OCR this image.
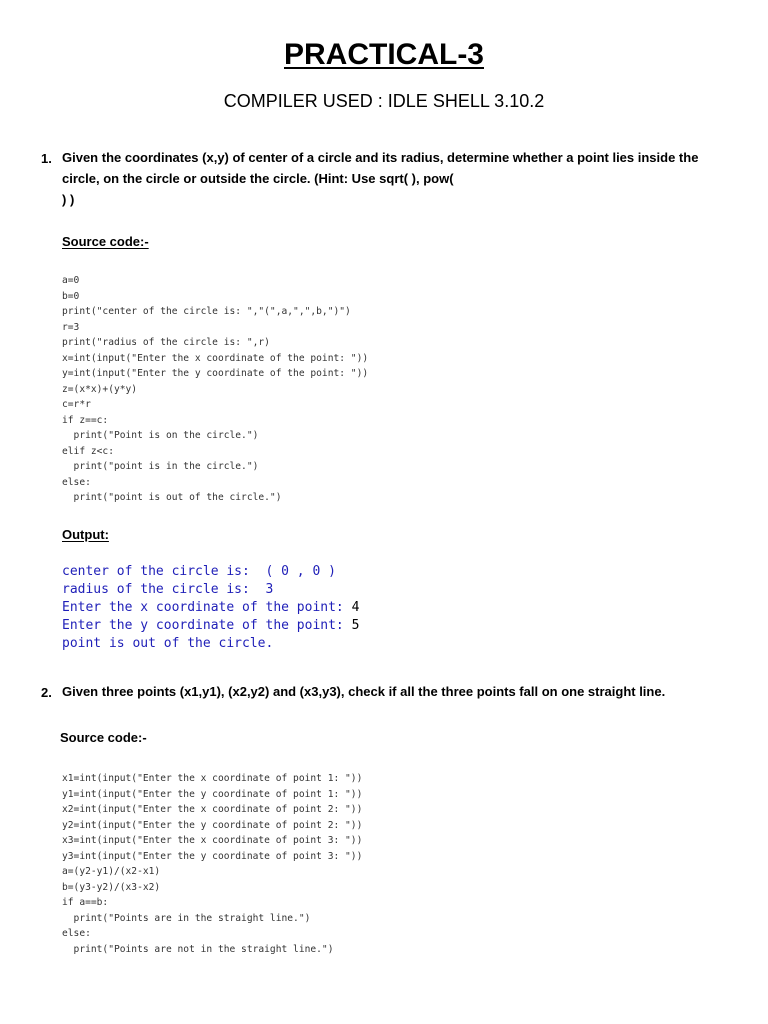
PRACTICAL-3
COMPILER USED : IDLE SHELL 3.10.2
1. Given the coordinates (x,y) of center of a circle and its radius, determine whether a point lies inside the
circle, on the circle or outside the circle. (Hint: Use sqrt( ), pow(
) )
Source code:-
a=0
b=0
print("center of the circle is: ","(",a,",",b,")")
r=3
print("radius of the circle is: ",r)
x=int(input("Enter the x coordinate of the point: "))
y=int(input("Enter the y coordinate of the point: "))
z=(x*x)+(y*y)
c=r*r
if z==c:
print("Point is on the circle.")
elif z<c:
print("point is in the circle.")
else:
print("point is out of the circle.")
Output:
center of the circle is:  ( 0 , 0 )
radius of the circle is:  3
Enter the x coordinate of the point: 4
Enter the y coordinate of the point: 5
point is out of the circle.
2. Given three points (x1,y1), (x2,y2) and (x3,y3), check if all the three points fall on one straight line.
Source code:-
x1=int(input("Enter the x coordinate of point 1: "))
y1=int(input("Enter the y coordinate of point 1: "))
x2=int(input("Enter the x coordinate of point 2: "))
y2=int(input("Enter the y coordinate of point 2: "))
x3=int(input("Enter the x coordinate of point 3: "))
y3=int(input("Enter the y coordinate of point 3: "))
a=(y2-y1)/(x2-x1)
b=(y3-y2)/(x3-x2)
if a==b:
print("Points are in the straight line.")
else:
print("Points are not in the straight line.")
